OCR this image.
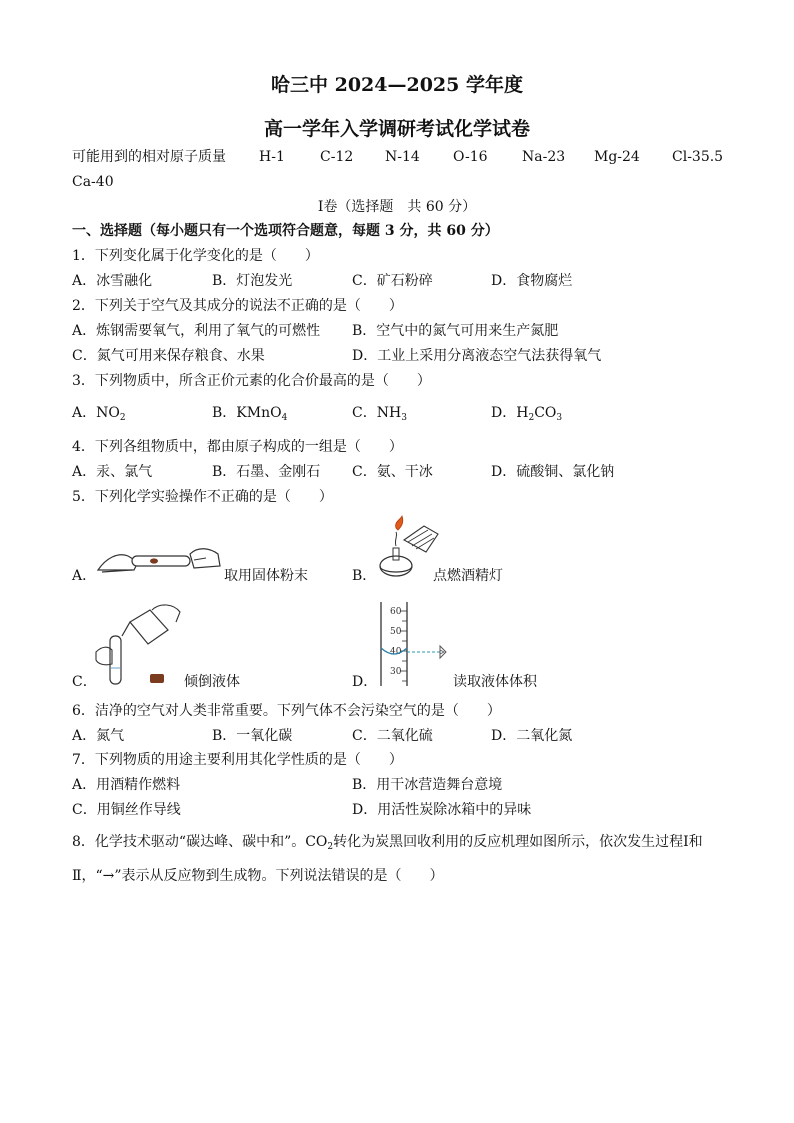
哈三中 2024—2025 学年度
高一学年入学调研考试化学试卷
可能用到的相对原子质量 H-1	C-12 N-14 O-16 Na-23 Mg-24 Cl-35.5
Ca-40
Ⅰ卷（选择题　共 60 分）
一、选择题（每小题只有一个选项符合题意，每题 3 分，共 60 分）
1．下列变化属于化学变化的是（　　）
A．冰雪融化	B．灯泡发光	C．矿石粉碎	D．食物腐烂
2．下列关于空气及其成分的说法不正确的是（　　）
A．炼钢需要氧气，利用了氧气的可燃性 B．空气中的氮气可用来生产氮肥
C．氮气可用来保存粮食、水果	D．工业上采用分离液态空气法获得氧气
3．下列物质中，所含正价元素的化合价最高的是（　　）
A．$NO_2$	B．KMnO$_4$	C．$NH_3$	D．$H_2CO_3$
4．下列各组物质中，都由原子构成的一组是（　　）
A．汞、氯气	B．石墨、金刚石 C．氨、干冰	D．硫酸铜、氯化钠
5．下列化学实验操作不正确的是（　　）
A．	取用固体粉末	B．	点燃酒精灯
C．	倾倒液体	D．
60
50
40
30
读取液体体积
6．洁净的空气对人类非常重要。下列气体不会污染空气的是（　　）
A．氮气	B．一氧化碳	C．二氧化硫	D．二氧化氮
7．下列物质的用途主要利用其化学性质的是（　　）
A．用酒精作燃料	B．用干冰营造舞台意境
C．用铜丝作导线	D．用活性炭除冰箱中的异味
8．化学技术驱动“碳达峰、碳中和”。$CO_2$转化为炭黑回收利用的反应机理如图所示，依次发生过程Ⅰ和
Ⅱ，“→”表示从反应物到生成物。下列说法错误的是（　　）
